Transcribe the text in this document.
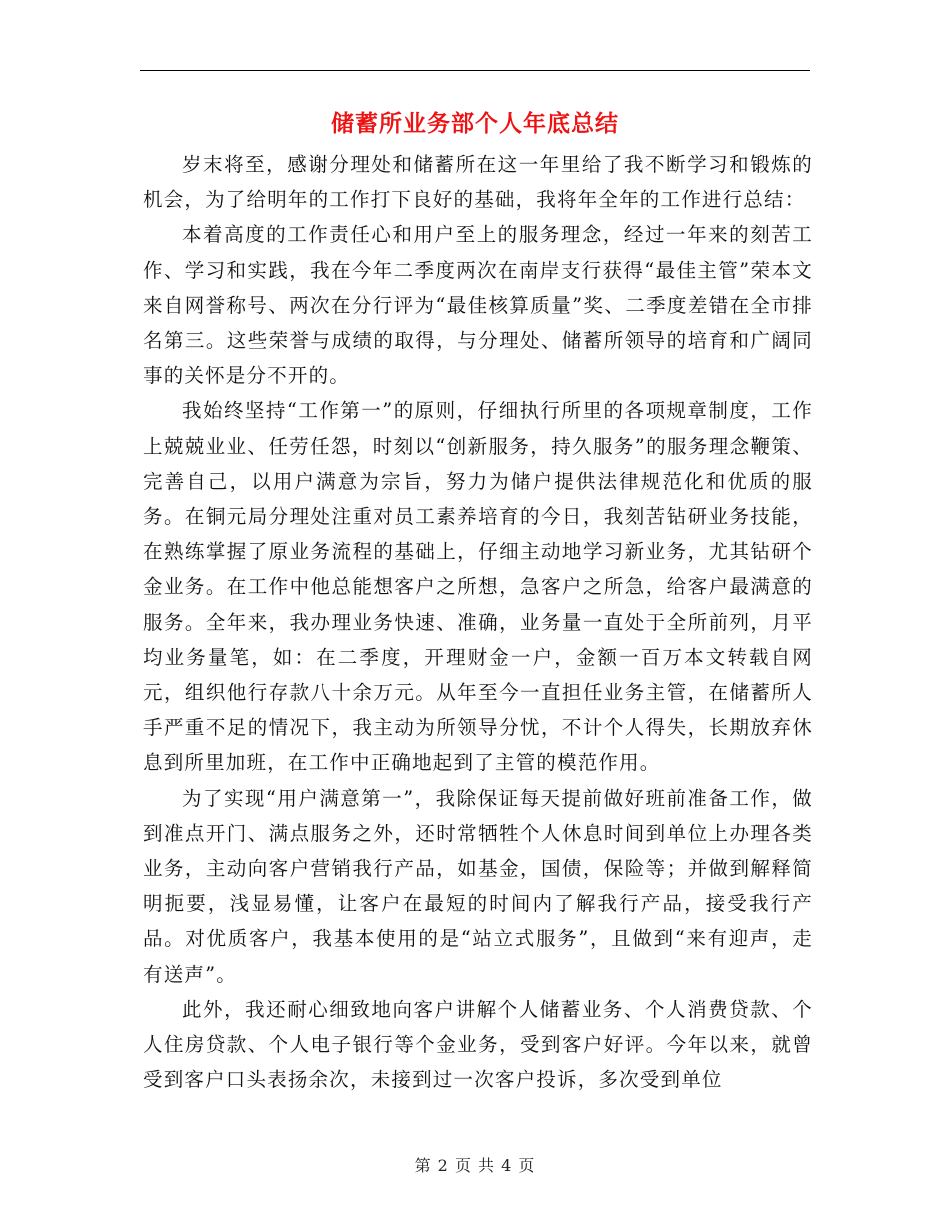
储蓄所业务部个人年底总结

岁末将至，感谢分理处和储蓄所在这一年里给了我不断学习和锻炼的机会，为了给明年的工作打下良好的基础，我将年全年的工作进行总结：

本着高度的工作责任心和用户至上的服务理念，经过一年来的刻苦工作、学习和实践，我在今年二季度两次在南岸支行获得“最佳主管”荣本文来自网誉称号、两次在分行评为“最佳核算质量”奖、二季度差错在全市排名第三。这些荣誉与成绩的取得，与分理处、储蓄所领导的培育和广阔同事的关怀是分不开的。

我始终坚持“工作第一”的原则，仔细执行所里的各项规章制度，工作上兢兢业业、任劳任怨，时刻以“创新服务，持久服务”的服务理念鞭策、完善自己，以用户满意为宗旨，努力为储户提供法律规范化和优质的服务。在铜元局分理处注重对员工素养培育的今日，我刻苦钻研业务技能，在熟练掌握了原业务流程的基础上，仔细主动地学习新业务，尤其钻研个金业务。在工作中他总能想客户之所想，急客户之所急，给客户最满意的服务。全年来，我办理业务快速、准确，业务量一直处于全所前列，月平均业务量笔，如：在二季度，开理财金一户，金额一百万本文转载自网元，组织他行存款八十余万元。从年至今一直担任业务主管，在储蓄所人手严重不足的情况下，我主动为所领导分忧，不计个人得失，长期放弃休息到所里加班，在工作中正确地起到了主管的模范作用。

为了实现“用户满意第一”，我除保证每天提前做好班前准备工作，做到准点开门、满点服务之外，还时常牺牲个人休息时间到单位上办理各类业务，主动向客户营销我行产品，如基金，国债，保险等；并做到解释简明扼要，浅显易懂，让客户在最短的时间内了解我行产品，接受我行产品。对优质客户，我基本使用的是“站立式服务”，且做到“来有迎声，走有送声”。

此外，我还耐心细致地向客户讲解个人储蓄业务、个人消费贷款、个人住房贷款、个人电子银行等个金业务，受到客户好评。今年以来，就曾受到客户口头表扬余次，未接到过一次客户投诉，多次受到单位

第 2 页 共 4 页
